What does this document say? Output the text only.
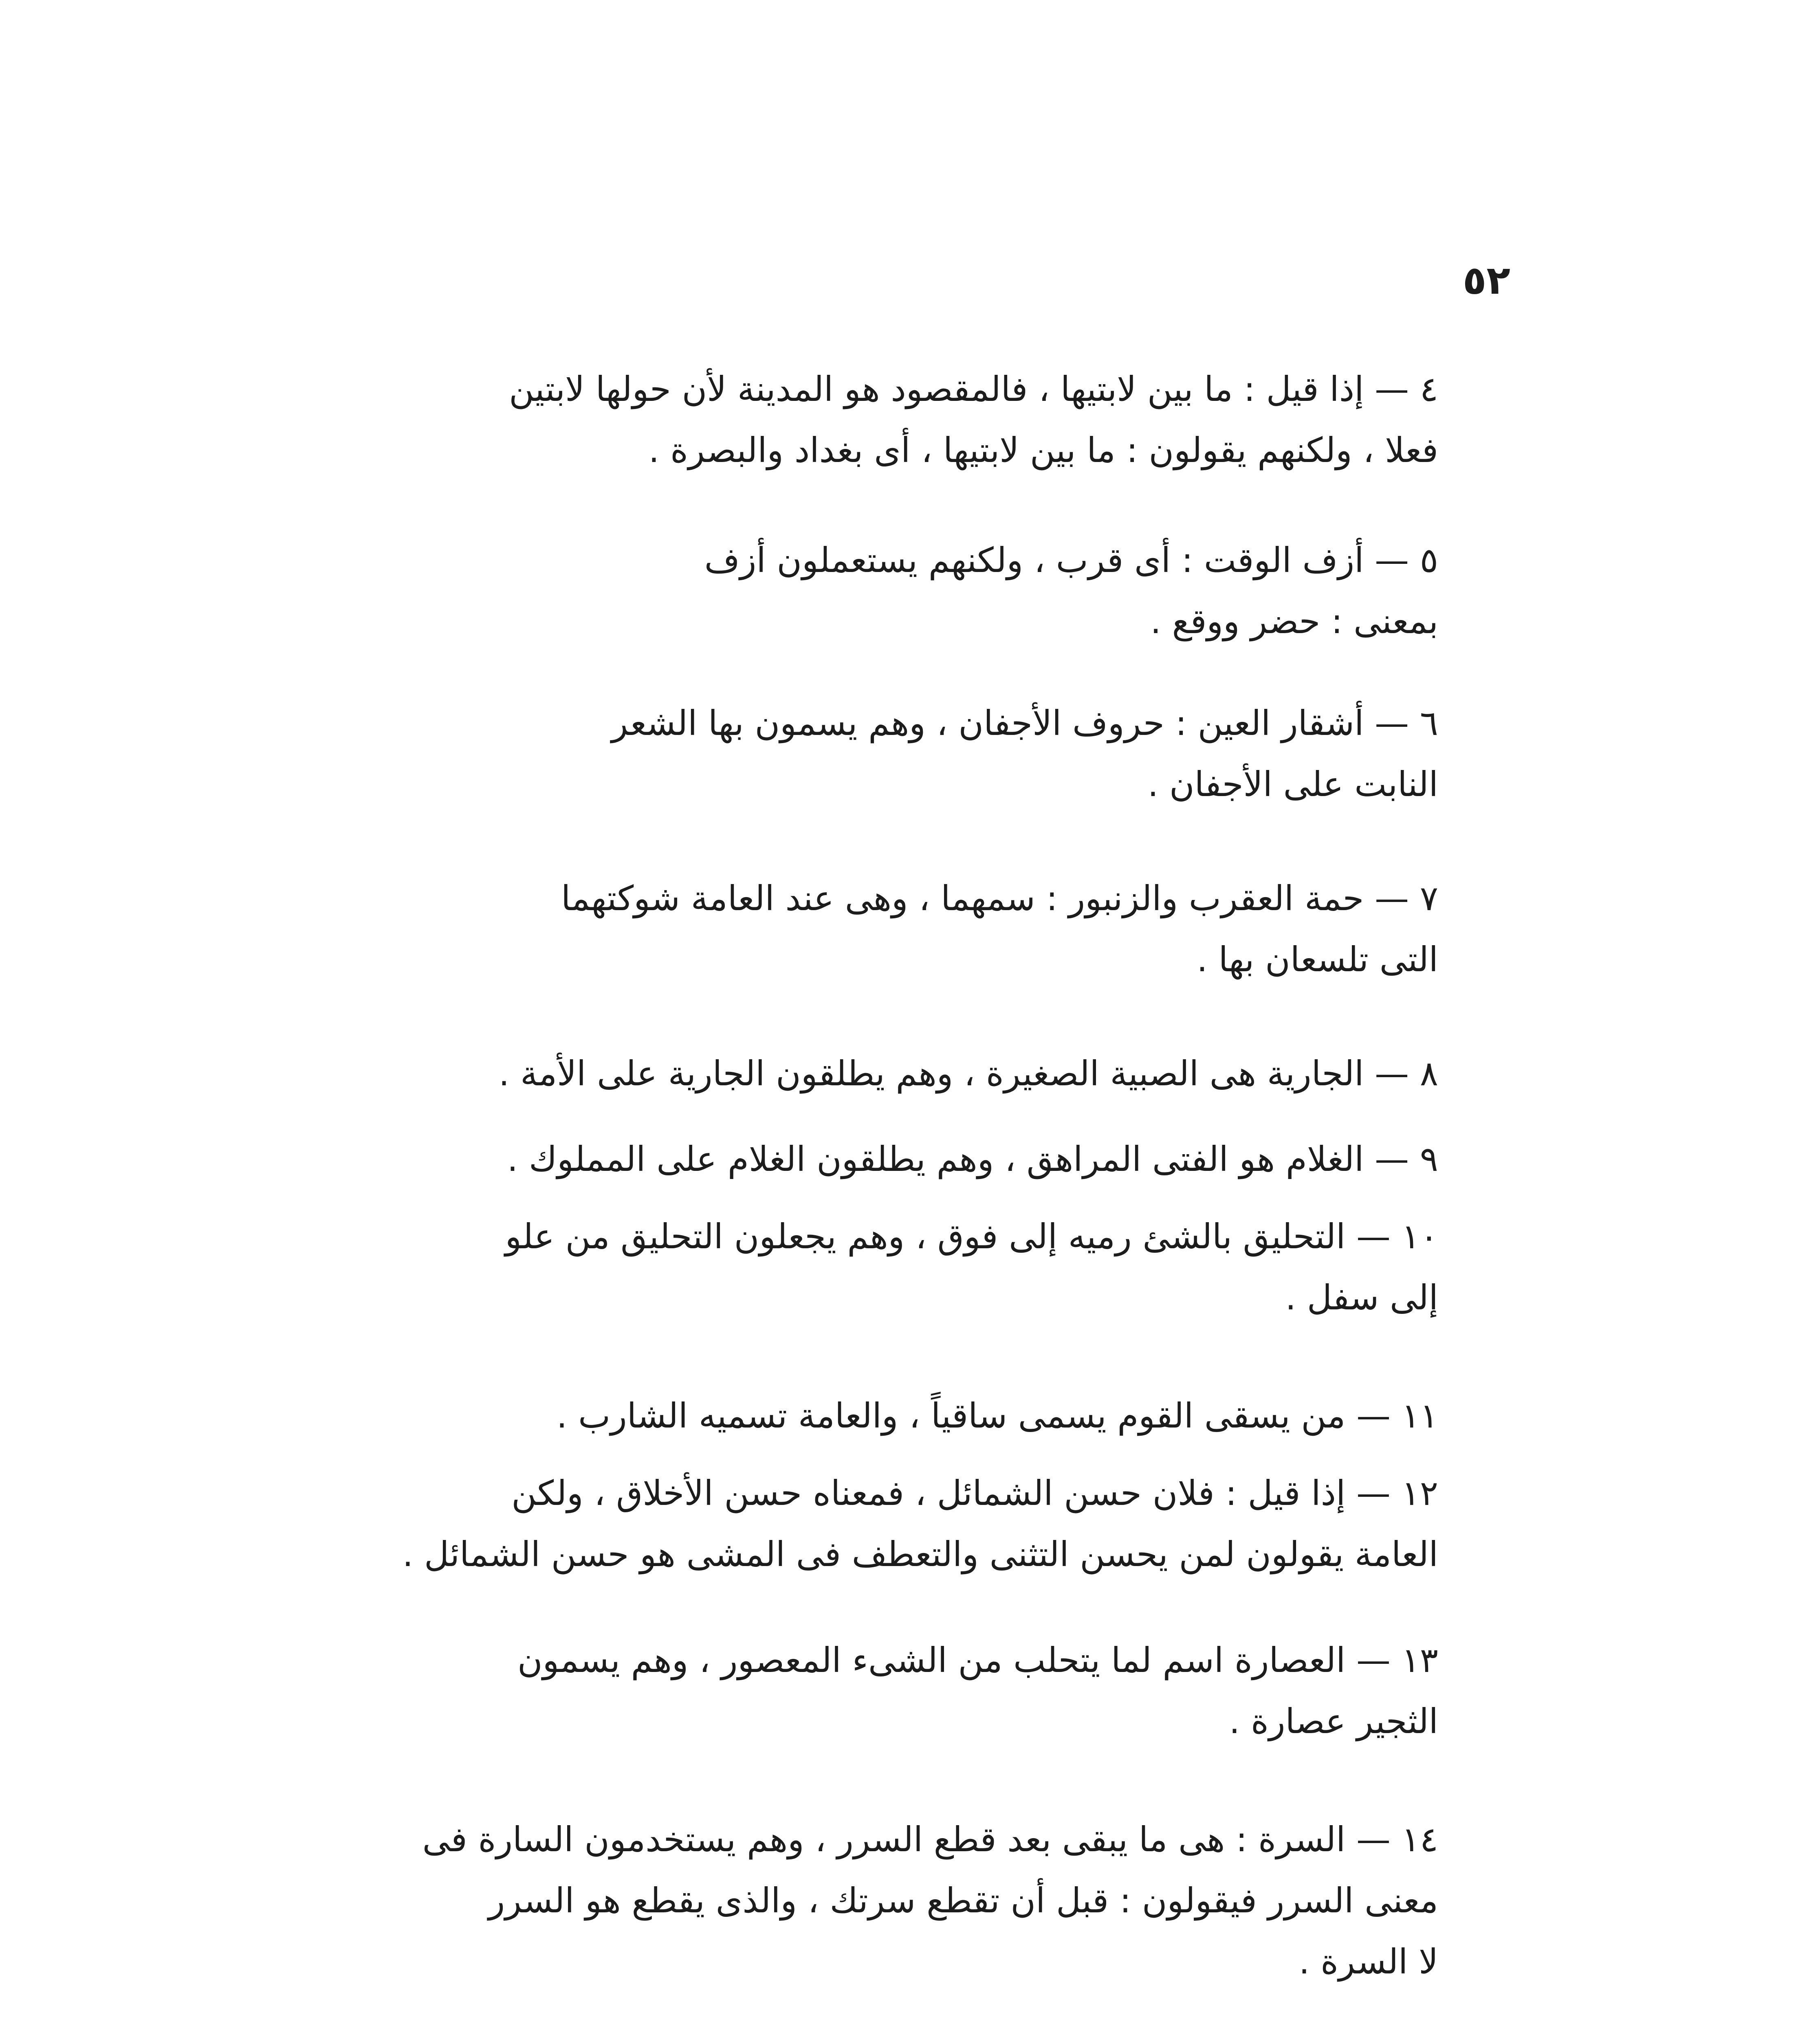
٥٢
٤ — إذا قيل : ما بين لابتيها ، فالمقصود هو المدينة لأن حولها لابتين
فعلا ، ولكنهم يقولون : ما بين لابتيها ، أى بغداد والبصرة .
٥ — أزف الوقت : أى قرب ، ولكنهم يستعملون أزف
بمعنى : حضر ووقع .
٦ — أشقار العين : حروف الأجفان ، وهم يسمون بها الشعر
النابت على الأجفان .
٧ — حمة العقرب والزنبور : سمهما ، وهى عند العامة شوكتهما
التى تلسعان بها .
٨ — الجارية هى الصبية الصغيرة ، وهم يطلقون الجارية على الأمة .
٩ — الغلام هو الفتى المراهق ، وهم يطلقون الغلام على المملوك .
١٠ — التحليق بالشئ رميه إلى فوق ، وهم يجعلون التحليق من علو
إلى سفل .
١١ — من يسقى القوم يسمى ساقياً ، والعامة تسميه الشارب .
١٢ — إذا قيل : فلان حسن الشمائل ، فمعناه حسن الأخلاق ، ولكن
العامة يقولون لمن يحسن التثنى والتعطف فى المشى هو حسن الشمائل .
١٣ — العصارة اسم لما يتحلب من الشىء المعصور ، وهم يسمون
الثجير عصارة .
١٤ — السرة : هى ما يبقى بعد قطع السرر ، وهم يستخدمون السارة فى
معنى السرر فيقولون : قبل أن تقطع سرتك ، والذى يقطع هو السرر
لا السرة .
